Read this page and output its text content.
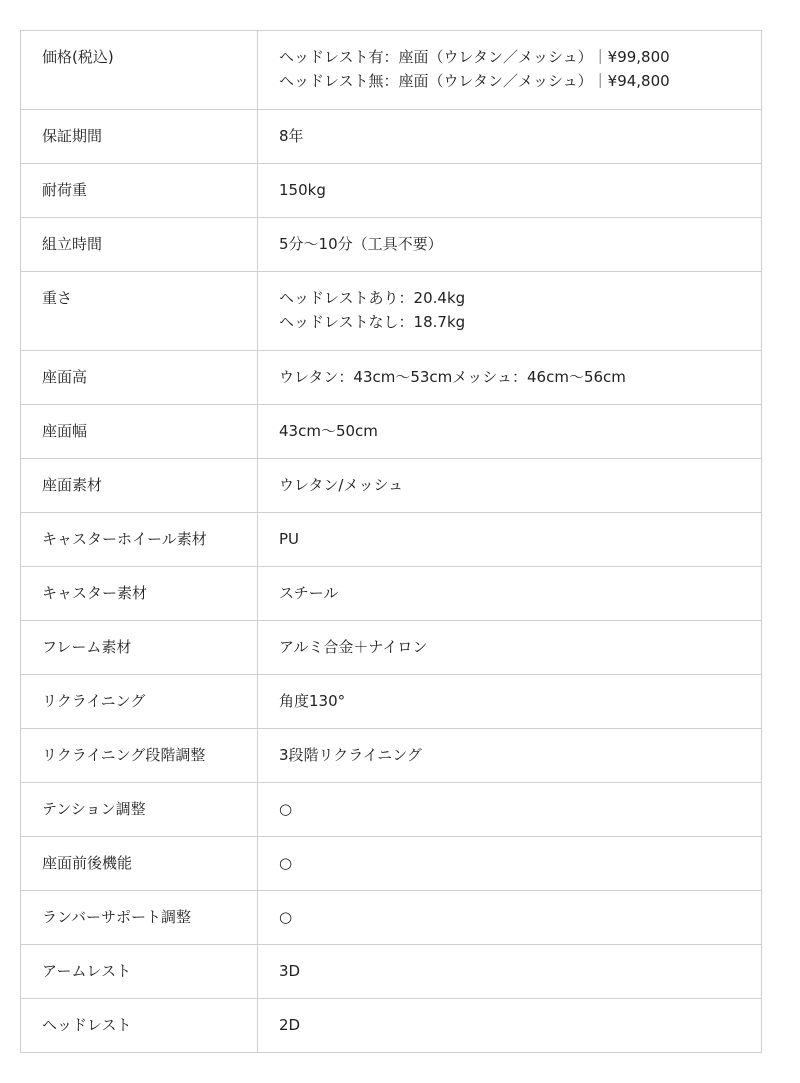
価格(税込)	ヘッドレスト有：座面（ウレタン／メッシュ）｜¥99,800
ヘッドレスト無：座面（ウレタン／メッシュ）｜¥94,800

保証期間	8年

耐荷重	150kg

組立時間	5分〜10分（工具不要）

重さ	ヘッドレストあり：20.4kg
ヘッドレストなし：18.7kg

座面高	ウレタン：43cm〜53cmメッシュ：46cm〜56cm

座面幅	43cm〜50cm

座面素材	ウレタン/メッシュ

キャスターホイール素材	PU

キャスター素材	スチール

フレーム素材	アルミ合金＋ナイロン

リクライニング	角度130°

リクライニング段階調整	3段階リクライニング

テンション調整	○

座面前後機能	○

ランバーサポート調整	○

アームレスト	3D

ヘッドレスト	2D
